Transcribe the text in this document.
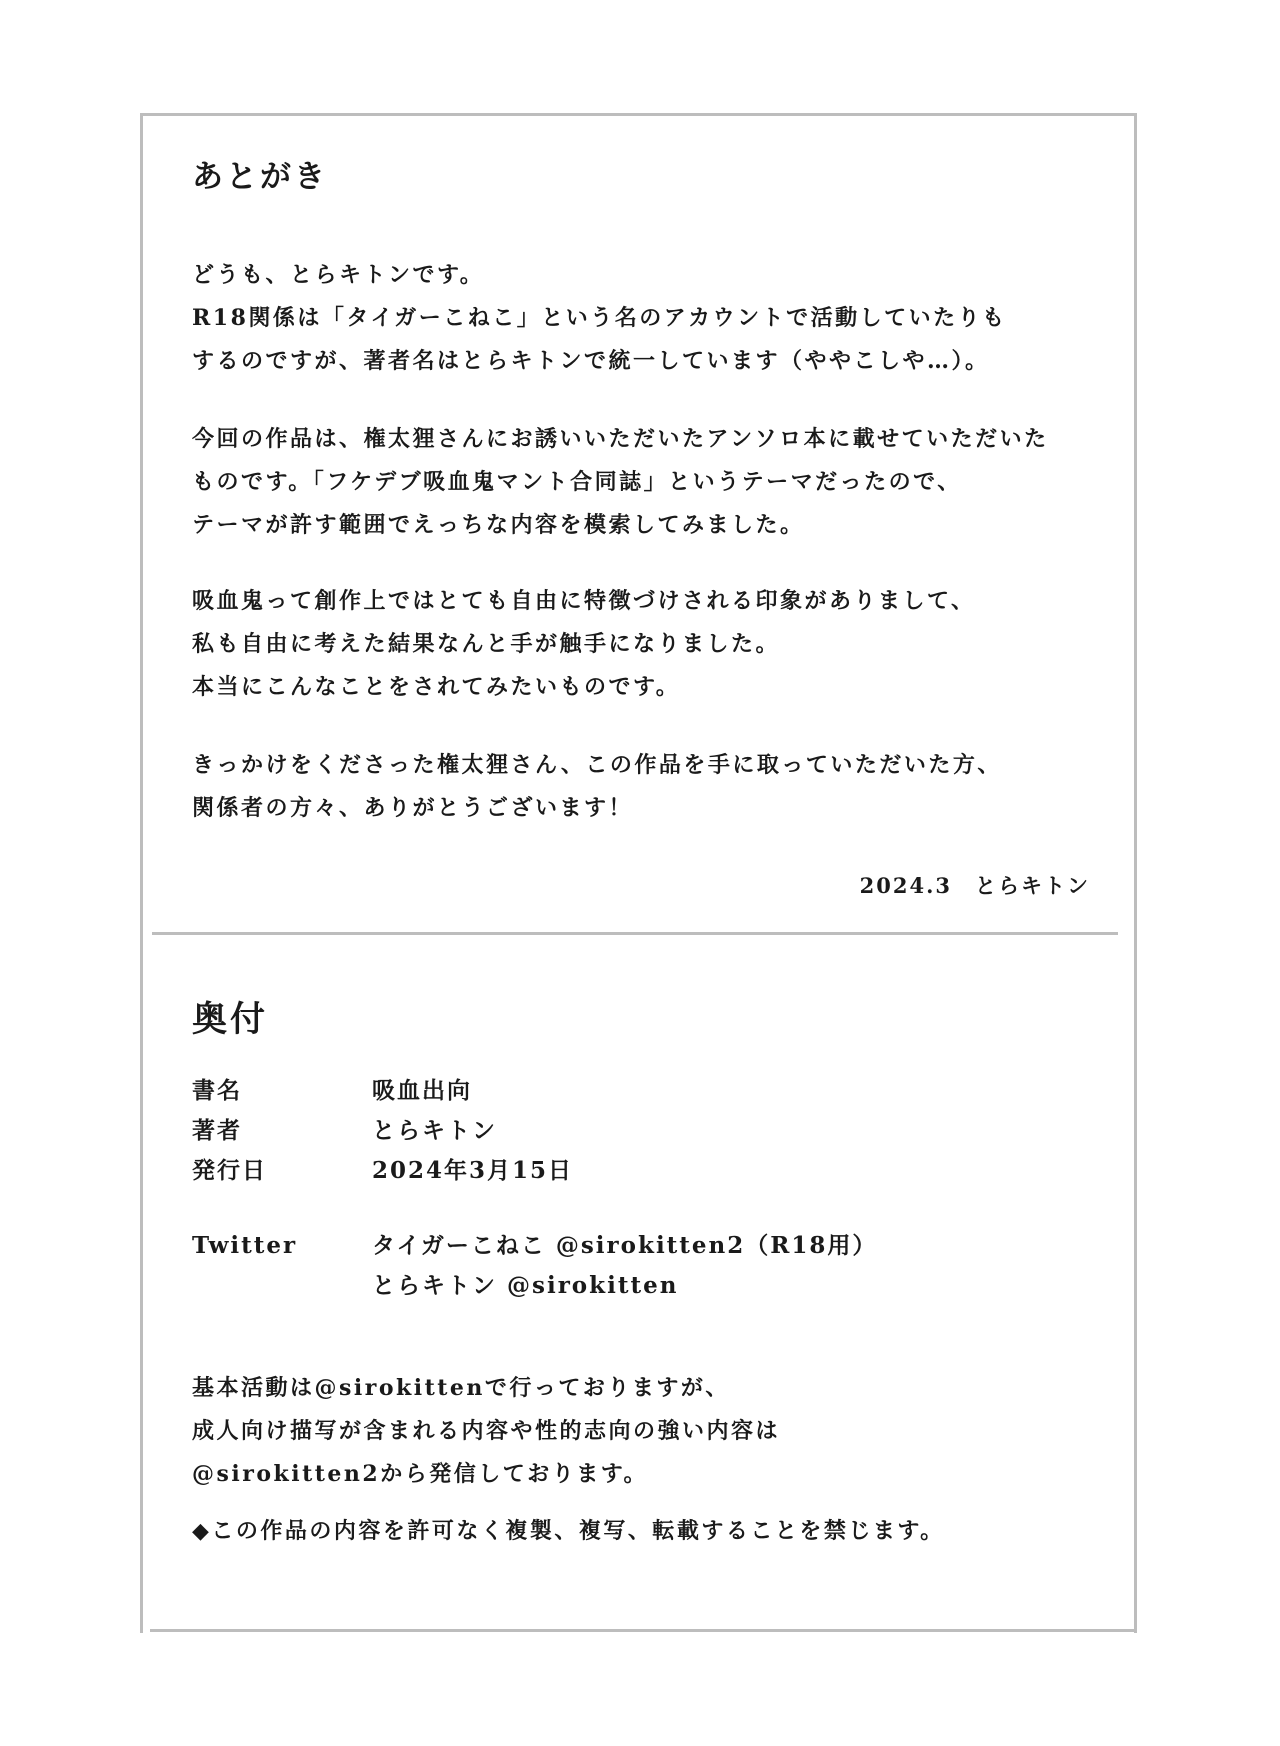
あとがき

どうも、とらキトンです。
R18関係は「タイガーこねこ」という名のアカウントで活動していたりも
するのですが、著者名はとらキトンで統一しています（ややこしや…）。

今回の作品は、権太狸さんにお誘いいただいたアンソロ本に載せていただいた
ものです。「フケデブ吸血鬼マント合同誌」というテーマだったので、
テーマが許す範囲でえっちな内容を模索してみました。

吸血鬼って創作上ではとても自由に特徴づけされる印象がありまして、
私も自由に考えた結果なんと手が触手になりました。
本当にこんなことをされてみたいものです。

きっかけをくださった権太狸さん、この作品を手に取っていただいた方、
関係者の方々、ありがとうございます！

2024.3　とらキトン
奥付
書名	吸血出向
著者	とらキトン
発行日	2024年3月15日
Twitter	タイガーこねこ @sirokitten2（R18用）
とらキトン @sirokitten

基本活動は@sirokittenで行っておりますが、
成人向け描写が含まれる内容や性的志向の強い内容は
@sirokitten2から発信しております。

◆この作品の内容を許可なく複製、複写、転載することを禁じます。
